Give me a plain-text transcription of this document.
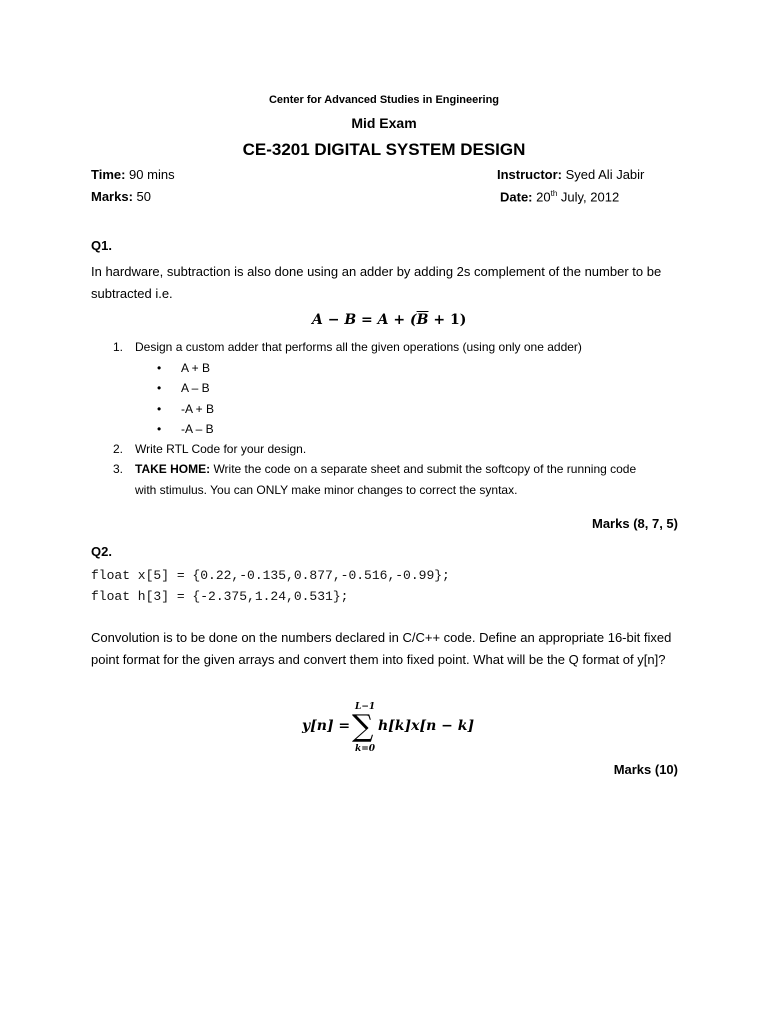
Center for Advanced Studies in Engineering
Mid Exam
CE-3201 DIGITAL SYSTEM DESIGN
Time: 90 mins
Marks: 50
Instructor: Syed Ali Jabir
Date: 20th July, 2012
Q1.
In hardware, subtraction is also done using an adder by adding 2s complement of the number to be subtracted i.e.
$A - B = A + (\overline{B} + 1)$
1. Design a custom adder that performs all the given operations (using only one adder)
• A + B
• A – B
• -A + B
• -A – B
2. Write RTL Code for your design.
3. TAKE HOME: Write the code on a separate sheet and submit the softcopy of the running code
with stimulus. You can ONLY make minor changes to correct the syntax.
Marks (8, 7, 5)
Q2.
float x[5] = {0.22,-0.135,0.877,-0.516,-0.99};
float h[3] = {-2.375,1.24,0.531};
Convolution is to be done on the numbers declared in C/C++ code. Define an appropriate 16-bit fixed point format for the given arrays and convert them into fixed point. What will be the Q format of y[n]?
y[n] =
L−1
∑
k=0
h[k]x[n − k]
Marks (10)
